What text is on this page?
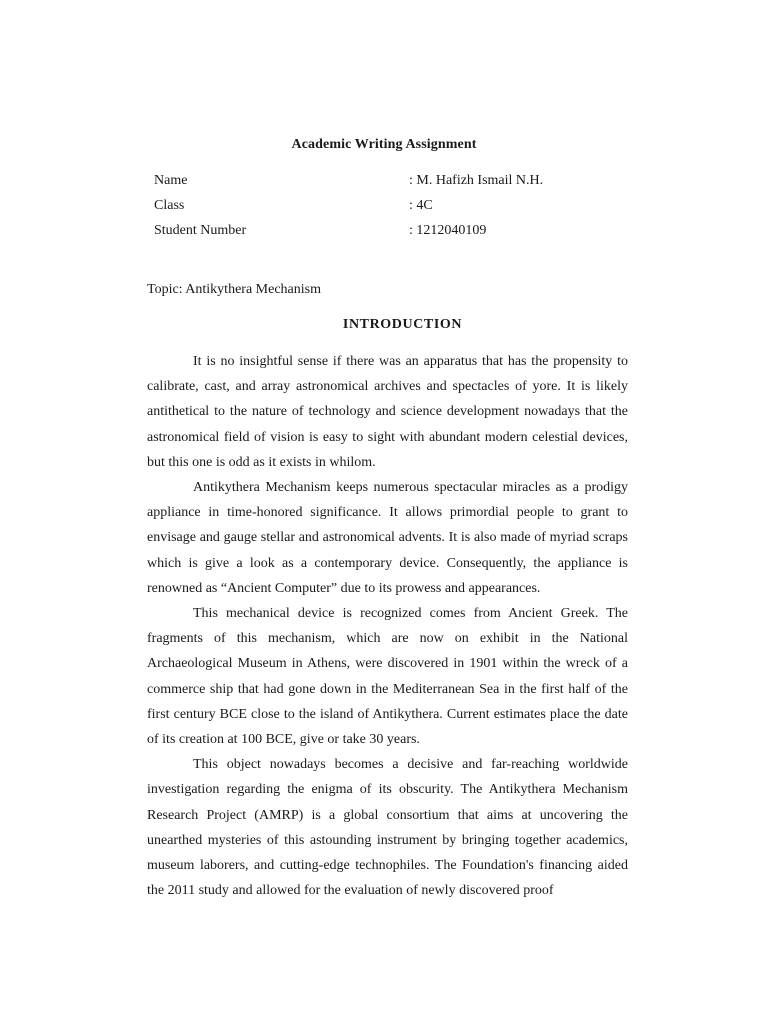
Academic Writing Assignment
Name	: M. Hafizh Ismail N.H.
Class	: 4C
Student Number	: 1212040109
Topic: Antikythera Mechanism
INTRODUCTION

It is no insightful sense if there was an apparatus that has the propensity to calibrate, cast, and array astronomical archives and spectacles of yore. It is likely antithetical to the nature of technology and science development nowadays that the astronomical field of vision is easy to sight with abundant modern celestial devices, but this one is odd as it exists in whilom.

Antikythera Mechanism keeps numerous spectacular miracles as a prodigy appliance in time-honored significance. It allows primordial people to grant to envisage and gauge stellar and astronomical advents. It is also made of myriad scraps which is give a look as a contemporary device. Consequently, the appliance is renowned as “Ancient Computer” due to its prowess and appearances.

This mechanical device is recognized comes from Ancient Greek. The fragments of this mechanism, which are now on exhibit in the National Archaeological Museum in Athens, were discovered in 1901 within the wreck of a commerce ship that had gone down in the Mediterranean Sea in the first half of the first century BCE close to the island of Antikythera. Current estimates place the date of its creation at 100 BCE, give or take 30 years.

This object nowadays becomes a decisive and far-reaching worldwide investigation regarding the enigma of its obscurity. The Antikythera Mechanism Research Project (AMRP) is a global consortium that aims at uncovering the unearthed mysteries of this astounding instrument by bringing together academics, museum laborers, and cutting-edge technophiles. The Foundation's financing aided the 2011 study and allowed for the evaluation of newly discovered proof
